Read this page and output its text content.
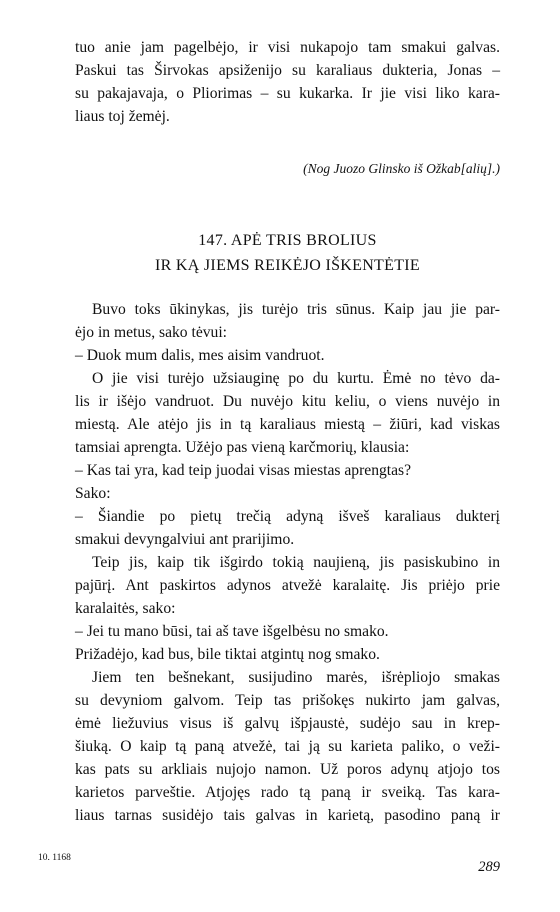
tuo anie jam pagelbėjo, ir visi nukapojo tam smakui galvas.
Paskui tas Širvokas apsiženijo su karaliaus dukteria, Jonas –
su pakajavaja, o Pliorimas – su kukarka. Ir jie visi liko kara-
liaus toj žemėj.
(Nog Juozo Glinsko iš Ožkab[alių].)
147. APĖ TRIS BROLIUS
IR KĄ JIEMS REIKĖJO IŠKENTĖTIE
Buvo toks ūkinykas, jis turėjo tris sūnus. Kaip jau jie par-
ėjo in metus, sako tėvui:
– Duok mum dalis, mes aisim vandruot.
O jie visi turėjo užsiauginę po du kurtu. Ėmė no tėvo da-
lis ir išėjo vandruot. Du nuvėjo kitu keliu, o viens nuvėjo in
miestą. Ale atėjo jis in tą karaliaus miestą – žiūri, kad viskas
tamsiai aprengta. Užėjo pas vieną karčmorių, klausia:
– Kas tai yra, kad teip juodai visas miestas aprengtas?
Sako:
– Šiandie po pietų trečią adyną išveš karaliaus dukterį
smakui devyngalviui ant prarijimo.
Teip jis, kaip tik išgirdo tokią naujieną, jis pasiskubino in
pajūrį. Ant paskirtos adynos atvežė karalaitę. Jis priėjo prie
karalaitės, sako:
– Jei tu mano būsi, tai aš tave išgelbėsu no smako.
Prižadėjo, kad bus, bile tiktai atgintų nog smako.
Jiem ten bešnekant, susijudino marės, išrėpliojo smakas
su devyniom galvom. Teip tas prišokęs nukirto jam galvas,
ėmė liežuvius visus iš galvų išpjaustė, sudėjo sau in krep-
šiuką. O kaip tą paną atvežė, tai ją su karieta paliko, o veži-
kas pats su arkliais nujojo namon. Už poros adynų atjojo tos
karietos parveštie. Atjojęs rado tą paną ir sveiką. Tas kara-
liaus tarnas susidėjo tais galvas in karietą, pasodino paną ir
10. 1168
289
